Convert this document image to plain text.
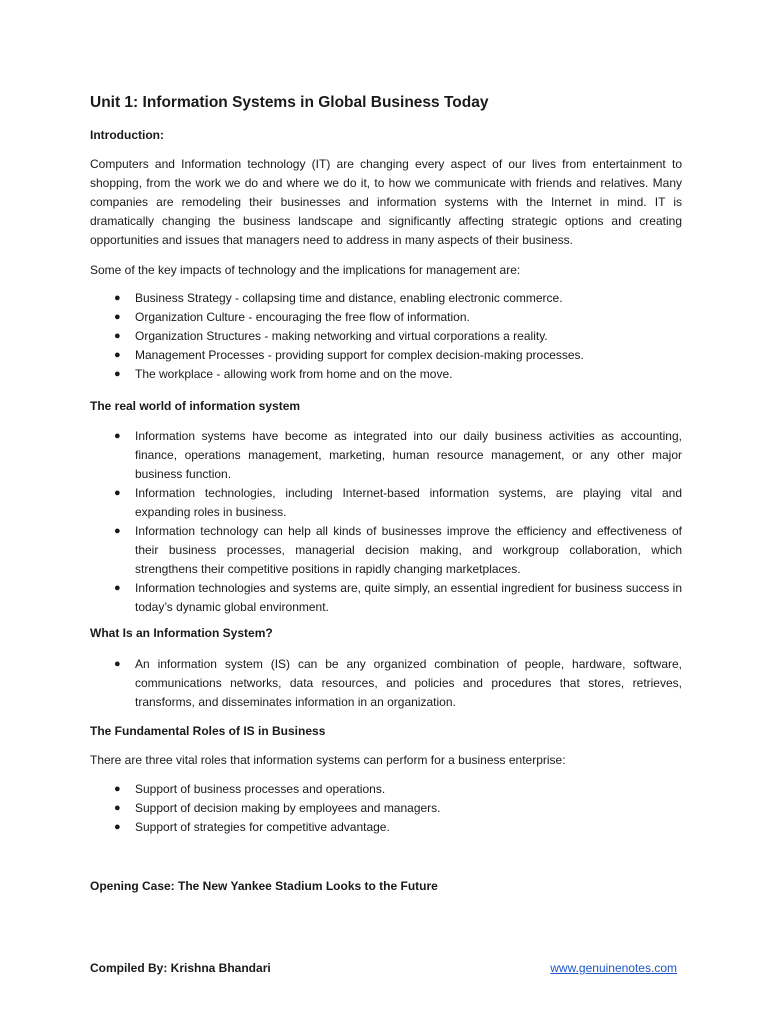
Unit 1: Information Systems in Global Business Today
Introduction:
Computers and Information technology (IT) are changing every aspect of our lives from entertainment to shopping, from the work we do and where we do it, to how we communicate with friends and relatives. Many companies are remodeling their businesses and information systems with the Internet in mind. IT is dramatically changing the business landscape and significantly affecting strategic options and creating opportunities and issues that managers need to address in many aspects of their business.
Some of the key impacts of technology and the implications for management are:
● Business Strategy - collapsing time and distance, enabling electronic commerce.
● Organization Culture - encouraging the free flow of information.
● Organization Structures - making networking and virtual corporations a reality.
● Management Processes - providing support for complex decision-making processes.
● The workplace - allowing work from home and on the move.
The real world of information system
● Information systems have become as integrated into our daily business activities as accounting, finance, operations management, marketing, human resource management, or any other major business function.
● Information technologies, including Internet-based information systems, are playing vital and expanding roles in business.
● Information technology can help all kinds of businesses improve the efficiency and effectiveness of their business processes, managerial decision making, and workgroup collaboration, which strengthens their competitive positions in rapidly changing marketplaces.
● Information technologies and systems are, quite simply, an essential ingredient for business success in today’s dynamic global environment.
What Is an Information System?
● An information system (IS) can be any organized combination of people, hardware, software, communications networks, data resources, and policies and procedures that stores, retrieves, transforms, and disseminates information in an organization.
The Fundamental Roles of IS in Business
There are three vital roles that information systems can perform for a business enterprise:
● Support of business processes and operations.
● Support of decision making by employees and managers.
● Support of strategies for competitive advantage.
Opening Case: The New Yankee Stadium Looks to the Future
Compiled By: Krishna Bhandari	www.genuinenotes.com
